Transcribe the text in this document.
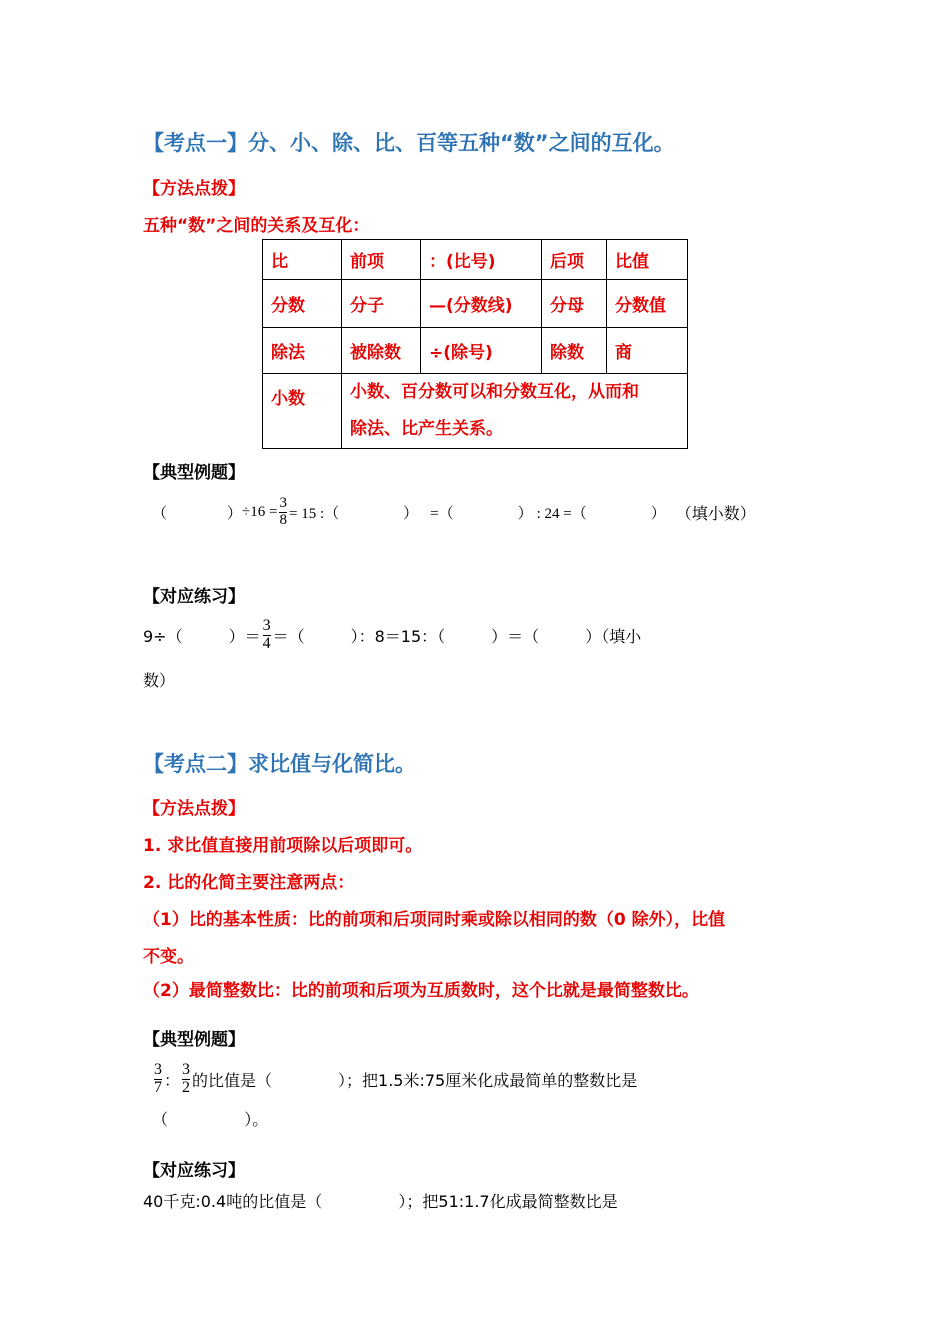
【考点一】分、小、除、比、百等五种“数”之间的互化。
【方法点拨】
五种“数”之间的关系及互化：
比	前项	：(比号)	后项	比值
分数	分子	—(分数线)	分母	分数值
除法	被除数	÷(除号)	除数	商
小数	小数、百分数可以和分数互化，从而和
除法、比产生关系。			
【典型例题】
（	） $\div 16 = \frac{3}{8} = 15$ :（	） =（	） : 24 =（	） （填小数）
【对应练习】
9÷（	）＝ $\frac{3}{4}$ ＝（	）：8＝15：（	）＝（	）（填小
数）
【考点二】求比值与化简比。
【方法点拨】
1. 求比值直接用前项除以后项即可。
2. 比的化简主要注意两点：
（1）比的基本性质：比的前项和后项同时乘或除以相同的数（0 除外），比值
不变。
（2）最简整数比：比的前项和后项为互质数时，这个比就是最简整数比。
【典型例题】
$\frac{3}{7}$ ： $\frac{3}{2}$ 的比值是（	）；把1.5米:75厘米化成最简单的整数比是
（	）。
【对应练习】
40千克:0.4吨的比值是（	）；把51:1.7化成最简整数比是
